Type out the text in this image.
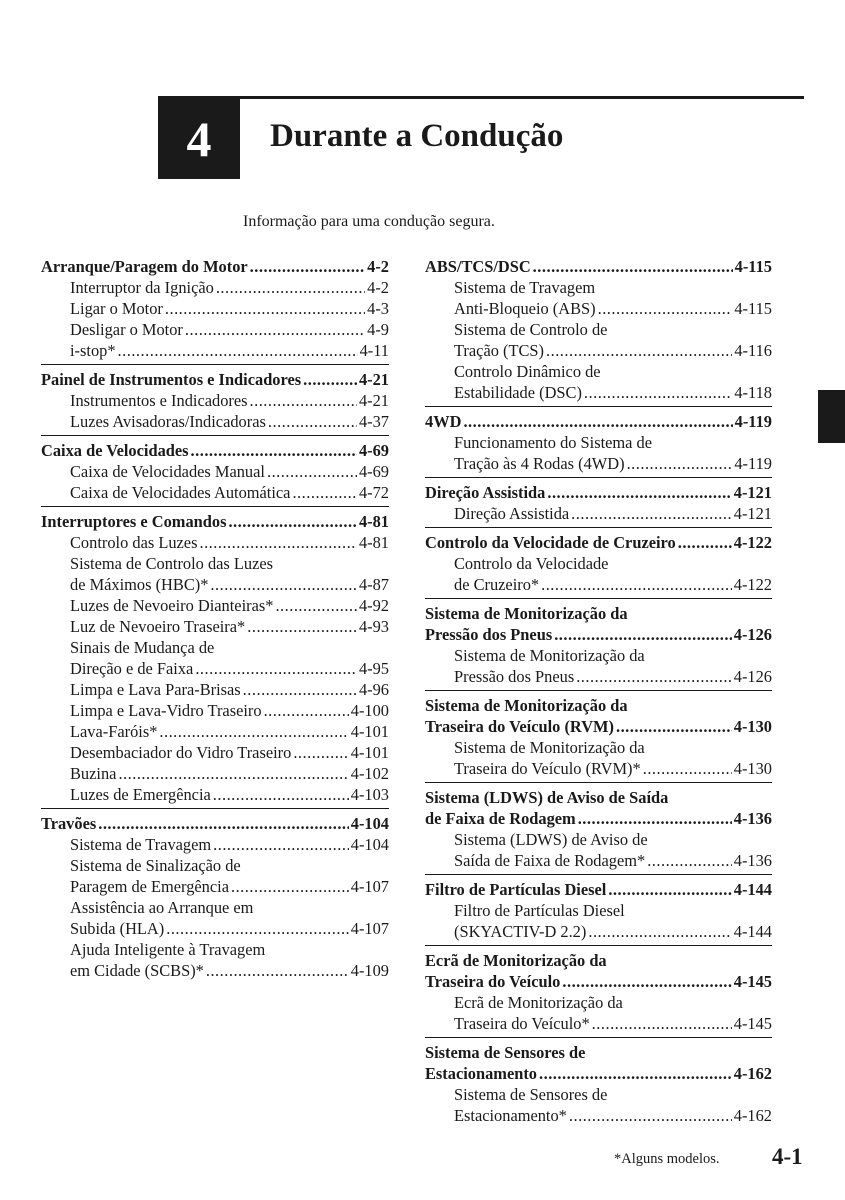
4	Durante a Condução
Informação para uma condução segura.
Arranque/Paragem do Motor .....	4-2
Interruptor da Ignição .....	4-2
Ligar o Motor .....	4-3
Desligar o Motor .....	4-9
i-stop* .....	4-11
Painel de Instrumentos e Indicadores .....	4-21
Instrumentos e Indicadores .....	4-21
Luzes Avisadoras/Indicadoras .....	4-37
Caixa de Velocidades .....	4-69
Caixa de Velocidades Manual .....	4-69
Caixa de Velocidades Automática .....	4-72
Interruptores e Comandos .....	4-81
Controlo das Luzes .....	4-81
Sistema de Controlo das Luzes
de Máximos (HBC)* .....	4-87
Luzes de Nevoeiro Dianteiras* .....	4-92
Luz de Nevoeiro Traseira* .....	4-93
Sinais de Mudança de
Direção e de Faixa .....	4-95
Limpa e Lava Para-Brisas .....	4-96
Limpa e Lava-Vidro Traseiro .....	4-100
Lava-Faróis* .....	4-101
Desembaciador do Vidro Traseiro .....	4-101
Buzina .....	4-102
Luzes de Emergência .....	4-103
Travões .....	4-104
Sistema de Travagem .....	4-104
Sistema de Sinalização de
Paragem de Emergência .....	4-107
Assistência ao Arranque em
Subida (HLA) .....	4-107
Ajuda Inteligente à Travagem
em Cidade (SCBS)* .....	4-109
ABS/TCS/DSC .....	4-115
Sistema de Travagem
Anti-Bloqueio (ABS) .....	4-115
Sistema de Controlo de
Tração (TCS) .....	4-116
Controlo Dinâmico de
Estabilidade (DSC) .....	4-118
4WD .....	4-119
Funcionamento do Sistema de
Tração às 4 Rodas (4WD) .....	4-119
Direção Assistida .....	4-121
Direção Assistida .....	4-121
Controlo da Velocidade de Cruzeiro .....	4-122
Controlo da Velocidade
de Cruzeiro* .....	4-122
Sistema de Monitorização da
Pressão dos Pneus .....	4-126
Sistema de Monitorização da
Pressão dos Pneus .....	4-126
Sistema de Monitorização da
Traseira do Veículo (RVM) .....	4-130
Sistema de Monitorização da
Traseira do Veículo (RVM)* .....	4-130
Sistema (LDWS) de Aviso de Saída
de Faixa de Rodagem .....	4-136
Sistema (LDWS) de Aviso de
Saída de Faixa de Rodagem* .....	4-136
Filtro de Partículas Diesel .....	4-144
Filtro de Partículas Diesel
(SKYACTIV-D 2.2) .....	4-144
Ecrã de Monitorização da
Traseira do Veículo .....	4-145
Ecrã de Monitorização da
Traseira do Veículo* .....	4-145
Sistema de Sensores de
Estacionamento .....	4-162
Sistema de Sensores de
Estacionamento* .....	4-162
*Alguns modelos. 4-1
